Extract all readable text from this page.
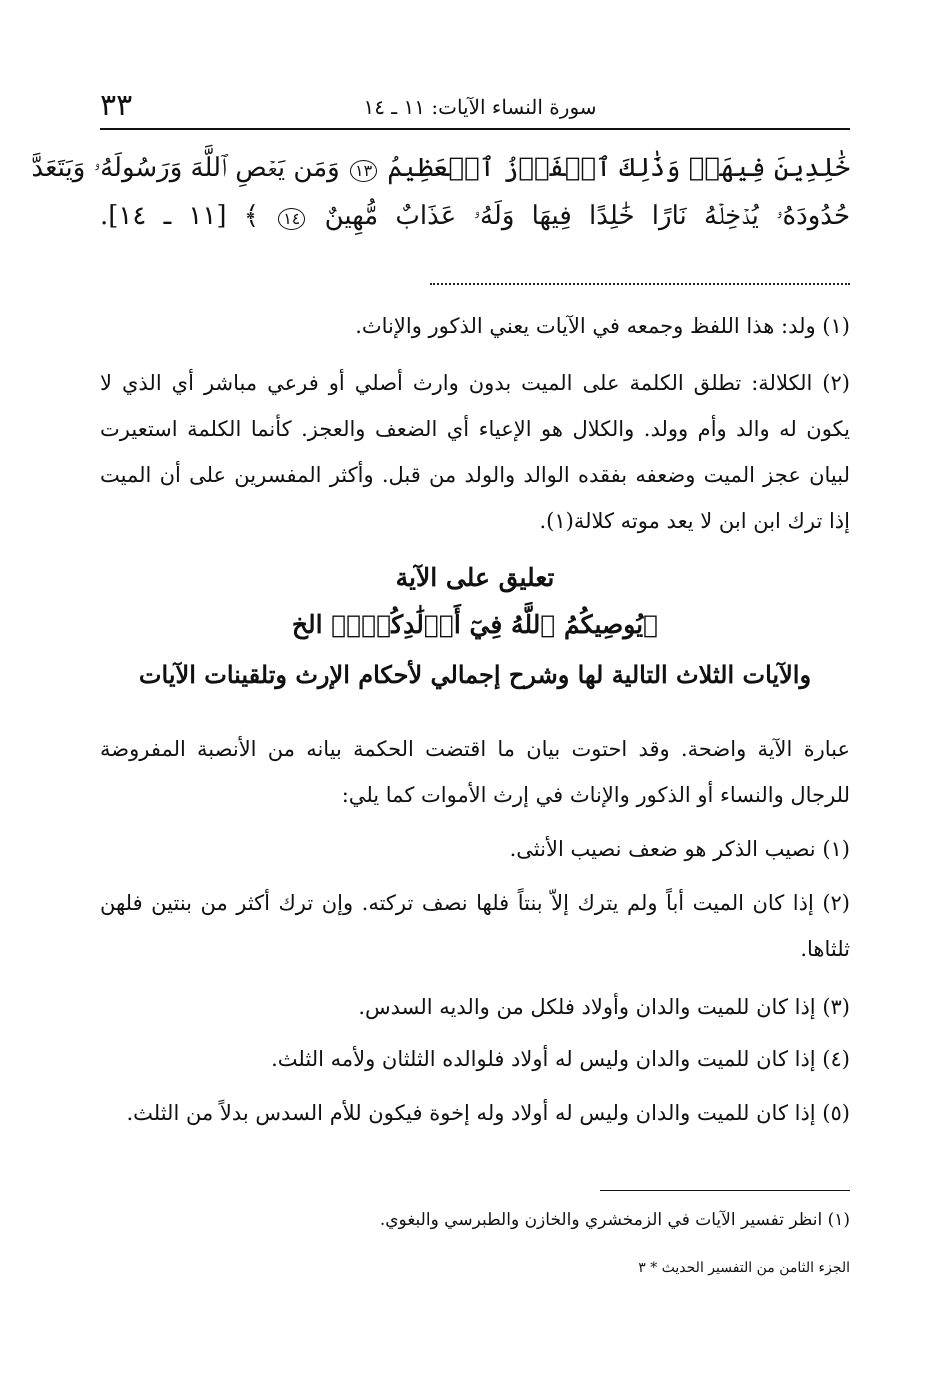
سورة النساء الآيات: ١١ ـ ١٤
٣٣
خَٰلِدِينَ فِيهَاۚ وَذَٰلِكَ ٱلۡفَوۡزُ ٱلۡعَظِيمُ ١٣ وَمَن يَعۡصِ ٱللَّهَ وَرَسُولَهُۥ وَيَتَعَدَّ
حُدُودَهُۥ يُدۡخِلۡهُ نَارًا خَٰلِدًا فِيهَا وَلَهُۥ عَذَابٌ مُّهِينٌ ١٤ ﴾ [١١ ـ ١٤].
(١) ولد: هذا اللفظ وجمعه في الآيات يعني الذكور والإناث.
(٢) الكلالة: تطلق الكلمة على الميت بدون وارث أصلي أو فرعي مباشر أي الذي لا يكون له والد وأم وولد. والكلال هو الإعياء أي الضعف والعجز. كأنما الكلمة استعيرت لبيان عجز الميت وضعفه بفقده الوالد والولد من قبل. وأكثر المفسرين على أن الميت إذا ترك ابن ابن لا يعد موته كلالة(١).
تعليق على الآية
﴿يُوصِيكُمُ ٱللَّهُ فِيٓ أَوۡلَٰدِكُمۡۖ﴾ الخ
والآيات الثلاث التالية لها وشرح إجمالي لأحكام الإرث وتلقينات الآيات
عبارة الآية واضحة. وقد احتوت بيان ما اقتضت الحكمة بيانه من الأنصبة المفروضة للرجال والنساء أو الذكور والإناث في إرث الأموات كما يلي:
(١) نصيب الذكر هو ضعف نصيب الأنثى.
(٢) إذا كان الميت أباً ولم يترك إلاّ بنتاً فلها نصف تركته. وإن ترك أكثر من بنتين فلهن ثلثاها.
(٣) إذا كان للميت والدان وأولاد فلكل من والديه السدس.
(٤) إذا كان للميت والدان وليس له أولاد فلوالده الثلثان ولأمه الثلث.
(٥) إذا كان للميت والدان وليس له أولاد وله إخوة فيكون للأم السدس بدلاً من الثلث.
(١) انظر تفسير الآيات في الزمخشري والخازن والطبرسي والبغوي.
الجزء الثامن من التفسير الحديث * ٣
